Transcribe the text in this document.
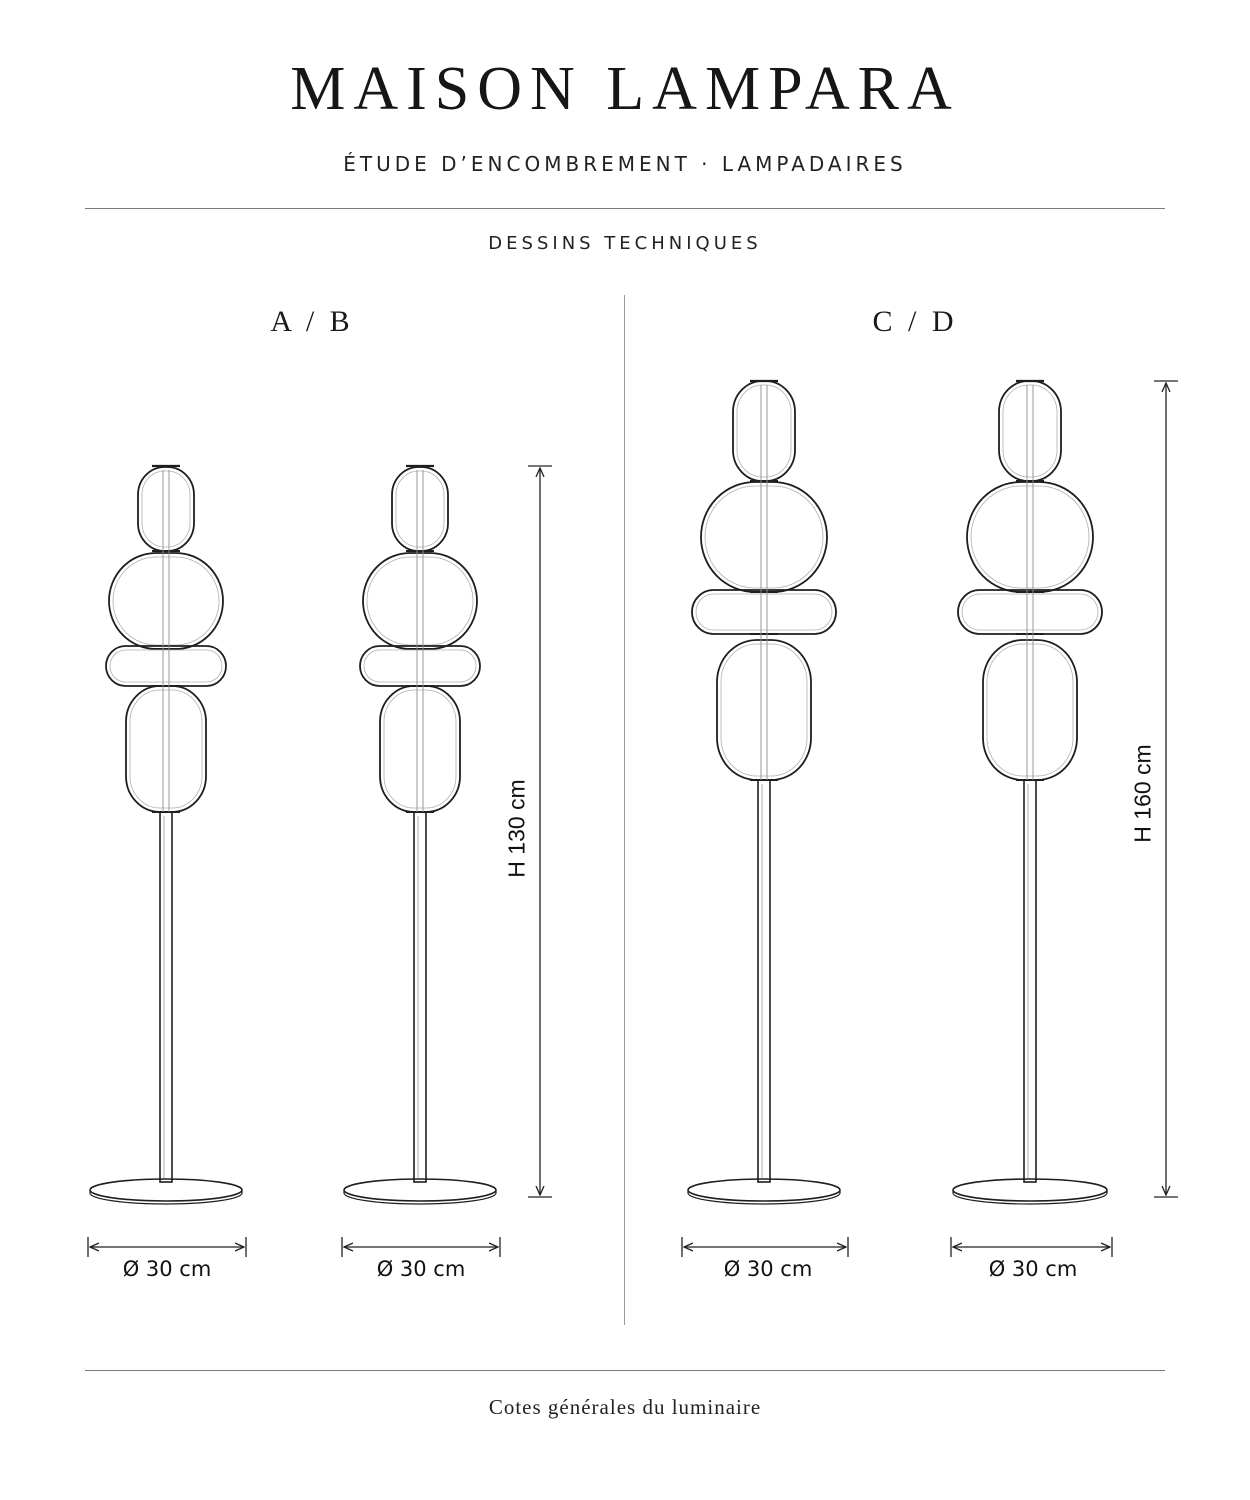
MAISON LAMPARA
ÉTUDE D’ENCOMBREMENT · LAMPADAIRES
DESSINS TECHNIQUES
A / B	C / D
Ø 30 cm	Ø 30 cm	Ø 30 cm	Ø 30 cm
H 130 cm	H 160 cm
Cotes générales du luminaire
